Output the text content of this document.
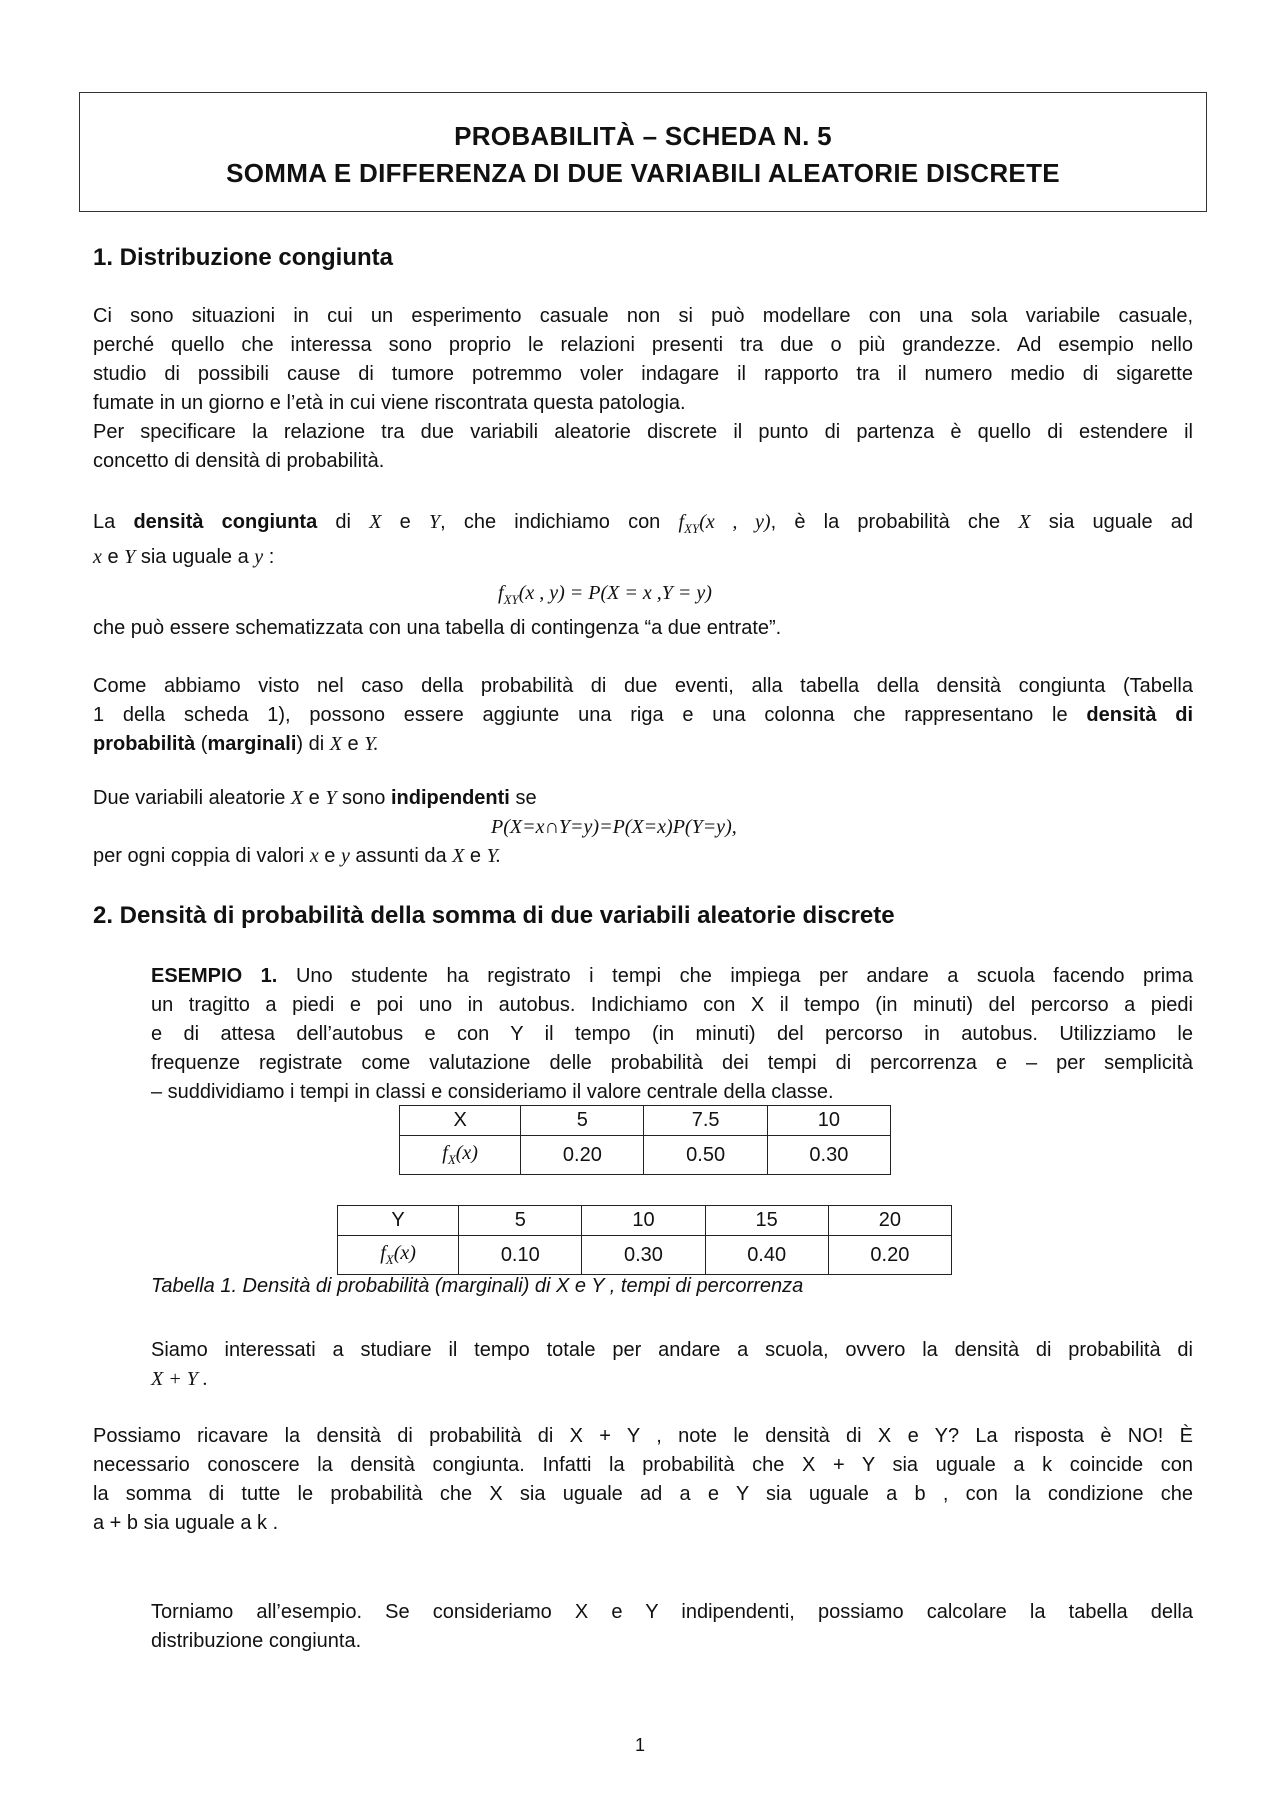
PROBABILITÀ – SCHEDA N. 5
SOMMA E DIFFERENZA DI DUE VARIABILI ALEATORIE DISCRETE
1. Distribuzione congiunta
Ci sono situazioni in cui un esperimento casuale non si può modellare con una sola variabile casuale,
perché quello che interessa sono proprio le relazioni presenti tra due o più grandezze. Ad esempio nello
studio di possibili cause di tumore potremmo voler indagare il rapporto tra il numero medio di sigarette
fumate in un giorno e l’età in cui viene riscontrata questa patologia.
Per specificare la relazione tra due variabili aleatorie discrete il punto di partenza è quello di estendere il
concetto di densità di probabilità.
La densità congiunta di X e Y, che indichiamo con $f_{XY}(x$ , y), è la probabilità che X sia uguale ad
x e Y sia uguale a y :
$f_{XY}(x$ , y) = P(X = x ,Y = y)
che può essere schematizzata con una tabella di contingenza “a due entrate”.
Come abbiamo visto nel caso della probabilità di due eventi, alla tabella della densità congiunta (Tabella
1 della scheda 1), possono essere aggiunte una riga e una colonna che rappresentano le densità di
probabilità (marginali) di X e Y.
Due variabili aleatorie X e Y sono indipendenti se
P(X=x∩Y=y)=P(X=x)P(Y=y),
per ogni coppia di valori x e y assunti da X e Y.
2. Densità di probabilità della somma di due variabili aleatorie discrete
ESEMPIO 1. Uno studente ha registrato i tempi che impiega per andare a scuola facendo prima
un tragitto a piedi e poi uno in autobus. Indichiamo con X il tempo (in minuti) del percorso a piedi
e di attesa dell’autobus e con Y il tempo (in minuti) del percorso in autobus. Utilizziamo le
frequenze registrate come valutazione delle probabilità dei tempi di percorrenza e – per semplicità
– suddividiamo i tempi in classi e consideriamo il valore centrale della classe.
X	5	7.5	10
$f_X(x)$	0.20	0.50	0.30
Y	5	10	15	20
$f_X(x)$	0.10	0.30	0.40	0.20
Tabella 1. Densità di probabilità (marginali) di X e Y , tempi di percorrenza
Siamo interessati a studiare il tempo totale per andare a scuola, ovvero la densità di probabilità di
X + Y .
Possiamo ricavare la densità di probabilità di X + Y , note le densità di X e Y? La risposta è NO! È
necessario conoscere la densità congiunta. Infatti la probabilità che X + Y sia uguale a k coincide con
la somma di tutte le probabilità che X sia uguale ad a e Y sia uguale a b , con la condizione che
a + b sia uguale a k .
Torniamo all’esempio. Se consideriamo X e Y indipendenti, possiamo calcolare la tabella della
distribuzione congiunta.
1
